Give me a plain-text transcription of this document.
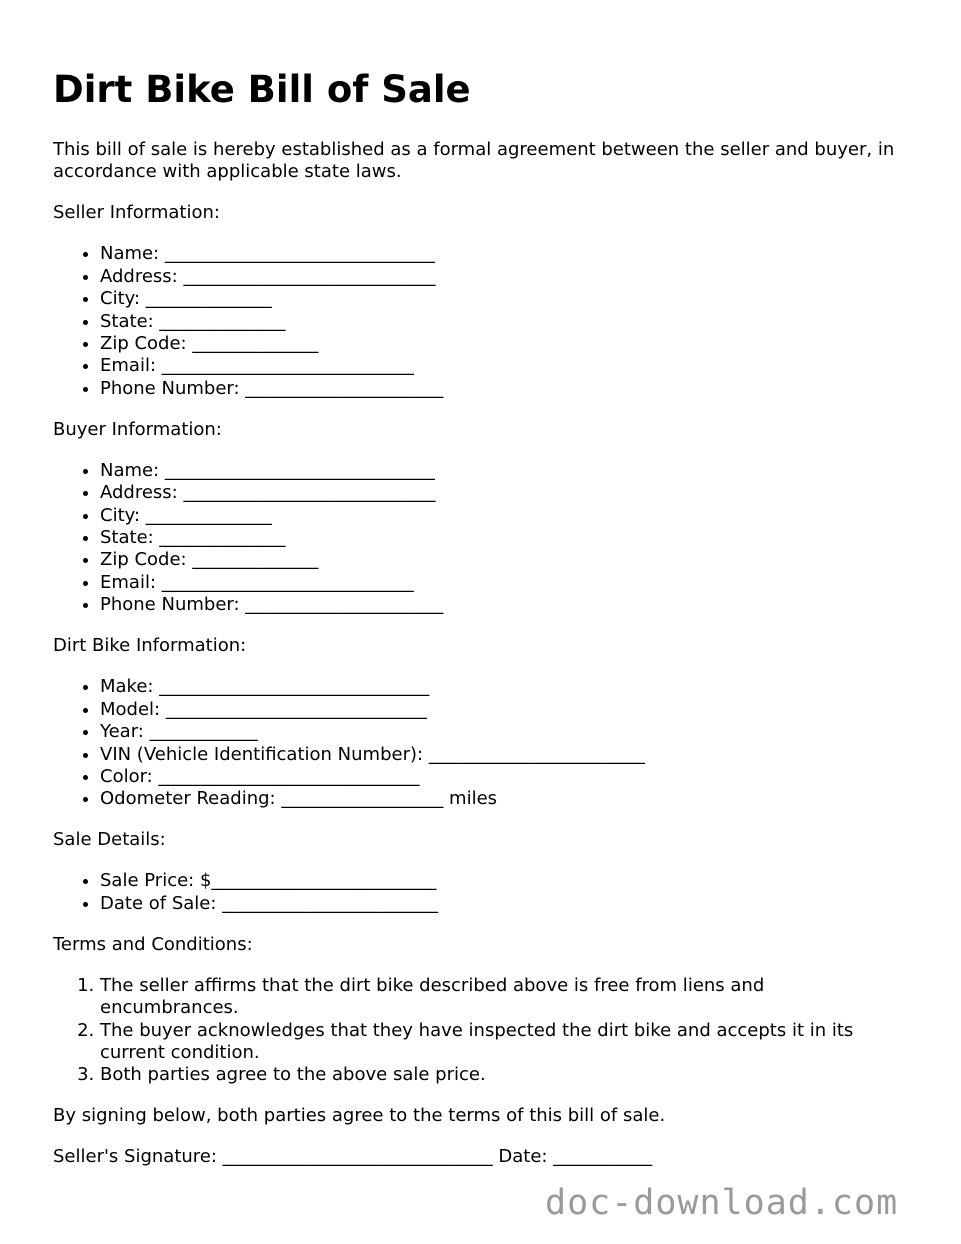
Dirt Bike Bill of Sale

This bill of sale is hereby established as a formal agreement between the seller and buyer, in accordance with applicable state laws.

Seller Information:

• Name: ______________________________
• Address: ____________________________
• City: ______________
• State: ______________
• Zip Code: ______________
• Email: ____________________________
• Phone Number: ______________________

Buyer Information:

• Name: ______________________________
• Address: ____________________________
• City: ______________
• State: ______________
• Zip Code: ______________
• Email: ____________________________
• Phone Number: ______________________

Dirt Bike Information:

• Make: ______________________________
• Model: _____________________________
• Year: ____________
• VIN (Vehicle Identification Number): ________________________
• Color: _____________________________
• Odometer Reading: __________________ miles

Sale Details:

• Sale Price: $_________________________
• Date of Sale: ________________________

Terms and Conditions:

1. The seller affirms that the dirt bike described above is free from liens and encumbrances.
2. The buyer acknowledges that they have inspected the dirt bike and accepts it in its current condition.
3. Both parties agree to the above sale price.

By signing below, both parties agree to the terms of this bill of sale.

Seller's Signature: ______________________________ Date: ___________

doc-download.com
